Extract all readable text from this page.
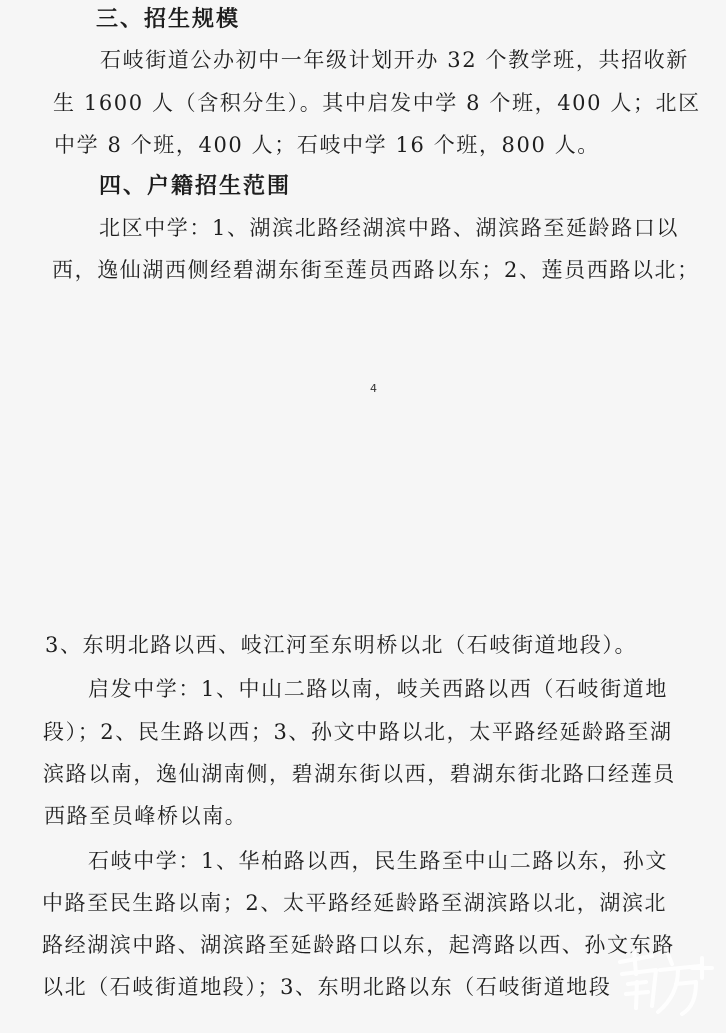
三、招生规模
石岐街道公办初中一年级计划开办 32 个教学班，共招收新
生 1600 人（含积分生）。其中启发中学 8 个班，400 人；北区
中学 8 个班，400 人；石岐中学 16 个班，800 人。
四、户籍招生范围
北区中学：1、湖滨北路经湖滨中路、湖滨路至延龄路口以
西，逸仙湖西侧经碧湖东街至莲员西路以东；2、莲员西路以北；
4
3、东明北路以西、岐江河至东明桥以北（石岐街道地段）。
启发中学：1、中山二路以南，岐关西路以西（石岐街道地
段）；2、民生路以西；3、孙文中路以北，太平路经延龄路至湖
滨路以南，逸仙湖南侧，碧湖东街以西，碧湖东街北路口经莲员
西路至员峰桥以南。
石岐中学：1、华柏路以西，民生路至中山二路以东，孙文
中路至民生路以南；2、太平路经延龄路至湖滨路以北，湖滨北
路经湖滨中路、湖滨路至延龄路口以东，起湾路以西、孙文东路
以北（石岐街道地段）；3、东明北路以东（石岐街道地段
